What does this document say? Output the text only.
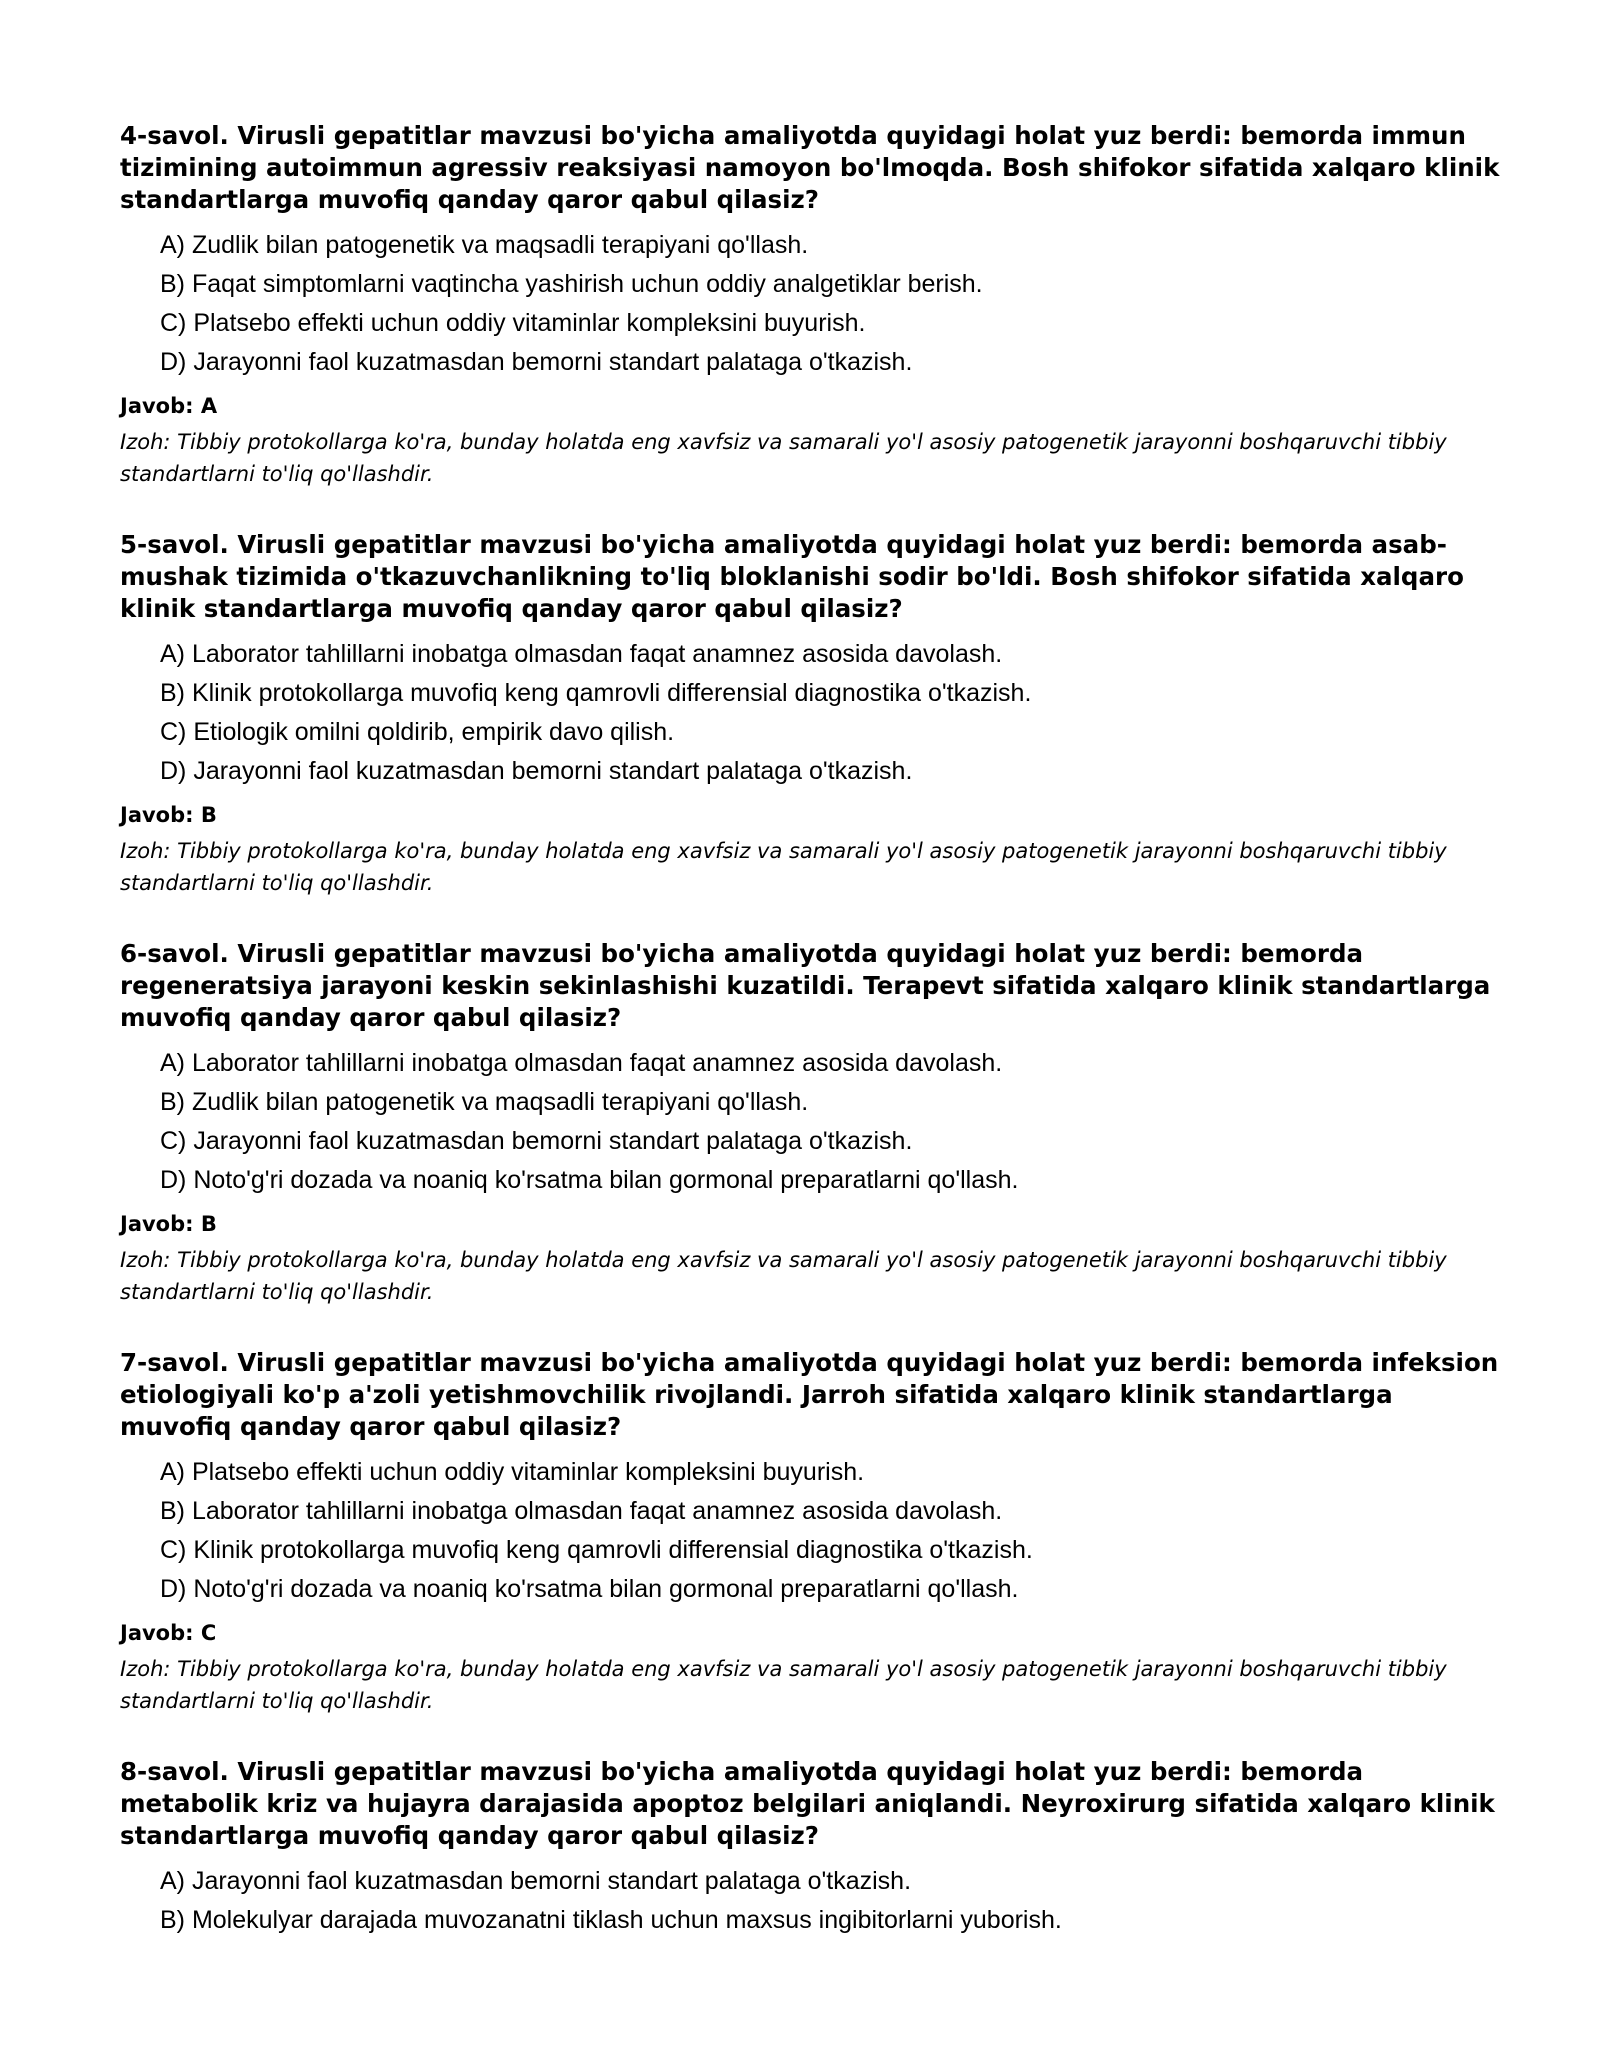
4-savol. Virusli gepatitlar mavzusi bo'yicha amaliyotda quyidagi holat yuz berdi: bemorda immun tizimining autoimmun agressiv reaksiyasi namoyon bo'lmoqda. Bosh shifokor sifatida xalqaro klinik standartlarga muvofiq qanday qaror qabul qilasiz?

A) Zudlik bilan patogenetik va maqsadli terapiyani qo'llash.
B) Faqat simptomlarni vaqtincha yashirish uchun oddiy analgetiklar berish.
C) Platsebo effekti uchun oddiy vitaminlar kompleksini buyurish.
D) Jarayonni faol kuzatmasdan bemorni standart palataga o'tkazish.

Javob: A

Izoh: Tibbiy protokollarga ko'ra, bunday holatda eng xavfsiz va samarali yo'l asosiy patogenetik jarayonni boshqaruvchi tibbiy standartlarni to'liq qo'llashdir.

5-savol. Virusli gepatitlar mavzusi bo'yicha amaliyotda quyidagi holat yuz berdi: bemorda asab-mushak tizimida o'tkazuvchanlikning to'liq bloklanishi sodir bo'ldi. Bosh shifokor sifatida xalqaro klinik standartlarga muvofiq qanday qaror qabul qilasiz?

A) Laborator tahlillarni inobatga olmasdan faqat anamnez asosida davolash.
B) Klinik protokollarga muvofiq keng qamrovli differensial diagnostika o'tkazish.
C) Etiologik omilni qoldirib, empirik davo qilish.
D) Jarayonni faol kuzatmasdan bemorni standart palataga o'tkazish.

Javob: B

Izoh: Tibbiy protokollarga ko'ra, bunday holatda eng xavfsiz va samarali yo'l asosiy patogenetik jarayonni boshqaruvchi tibbiy standartlarni to'liq qo'llashdir.

6-savol. Virusli gepatitlar mavzusi bo'yicha amaliyotda quyidagi holat yuz berdi: bemorda regeneratsiya jarayoni keskin sekinlashishi kuzatildi. Terapevt sifatida xalqaro klinik standartlarga muvofiq qanday qaror qabul qilasiz?

A) Laborator tahlillarni inobatga olmasdan faqat anamnez asosida davolash.
B) Zudlik bilan patogenetik va maqsadli terapiyani qo'llash.
C) Jarayonni faol kuzatmasdan bemorni standart palataga o'tkazish.
D) Noto'g'ri dozada va noaniq ko'rsatma bilan gormonal preparatlarni qo'llash.

Javob: B

Izoh: Tibbiy protokollarga ko'ra, bunday holatda eng xavfsiz va samarali yo'l asosiy patogenetik jarayonni boshqaruvchi tibbiy standartlarni to'liq qo'llashdir.

7-savol. Virusli gepatitlar mavzusi bo'yicha amaliyotda quyidagi holat yuz berdi: bemorda infeksion etiologiyali ko'p a'zoli yetishmovchilik rivojlandi. Jarroh sifatida xalqaro klinik standartlarga muvofiq qanday qaror qabul qilasiz?

A) Platsebo effekti uchun oddiy vitaminlar kompleksini buyurish.
B) Laborator tahlillarni inobatga olmasdan faqat anamnez asosida davolash.
C) Klinik protokollarga muvofiq keng qamrovli differensial diagnostika o'tkazish.
D) Noto'g'ri dozada va noaniq ko'rsatma bilan gormonal preparatlarni qo'llash.

Javob: C

Izoh: Tibbiy protokollarga ko'ra, bunday holatda eng xavfsiz va samarali yo'l asosiy patogenetik jarayonni boshqaruvchi tibbiy standartlarni to'liq qo'llashdir.

8-savol. Virusli gepatitlar mavzusi bo'yicha amaliyotda quyidagi holat yuz berdi: bemorda metabolik kriz va hujayra darajasida apoptoz belgilari aniqlandi. Neyroxirurg sifatida xalqaro klinik standartlarga muvofiq qanday qaror qabul qilasiz?

A) Jarayonni faol kuzatmasdan bemorni standart palataga o'tkazish.
B) Molekulyar darajada muvozanatni tiklash uchun maxsus ingibitorlarni yuborish.
